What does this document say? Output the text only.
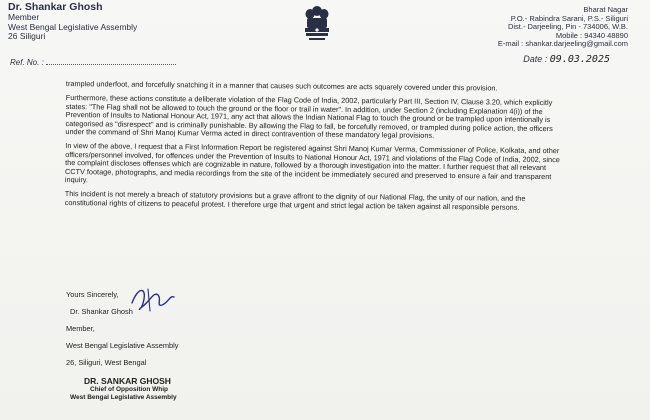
Dr. Shankar Ghosh
Member
West Bengal Legislative Assembly
26 Siliguri
Bharat Nagar
P.O.- Rabindra Sarani, P.S.- Siliguri
Dist.- Darjeeling, Pin - 734006, W.B.
Mobile : 94340 48890
E-mail : shankar.darjeeling@gmail.com
Ref. No. :	Date : 09.03.2025

trampled underfoot, and forcefully snatching it in a manner that causes such outcomes are acts squarely covered under this provision.

Furthermore, these actions constitute a deliberate violation of the Flag Code of India, 2002, particularly Part III, Section IV, Clause 3.20, which explicitly states: "The Flag shall not be allowed to touch the ground or the floor or trail in water". In addition, under Section 2 (including Explanation 4(i)) of the Prevention of Insults to National Honour Act, 1971, any act that allows the Indian National Flag to touch the ground or be trampled upon intentionally is categorised as "disrespect" and is criminally punishable. By allowing the Flag to fall, be forcefully removed, or trampled during police action, the officers under the command of Shri Manoj Kumar Verma acted in direct contravention of these mandatory legal provisions.

In view of the above, I request that a First Information Report be registered against Shri Manoj Kumar Verma, Commissioner of Police, Kolkata, and other officers/personnel involved, for offences under the Prevention of Insults to National Honour Act, 1971 and violations of the Flag Code of India, 2002, since the complaint discloses offenses which are cognizable in nature, followed by a thorough investigation into the matter. I further request that all relevant CCTV footage, photographs, and media recordings from the site of the incident be immediately secured and preserved to ensure a fair and transparent inquiry.

This incident is not merely a breach of statutory provisions but a grave affront to the dignity of our National Flag, the unity of our nation, and the constitutional rights of citizens to peaceful protest. I therefore urge that urgent and strict legal action be taken against all responsible persons.

Yours Sincerely,

Dr. Shankar Ghosh

Member,

West Bengal Legislative Assembly

26, Siliguri, West Bengal

DR. SANKAR GHOSH
Chief of Opposition Whip
West Bengal Legislative Assembly
